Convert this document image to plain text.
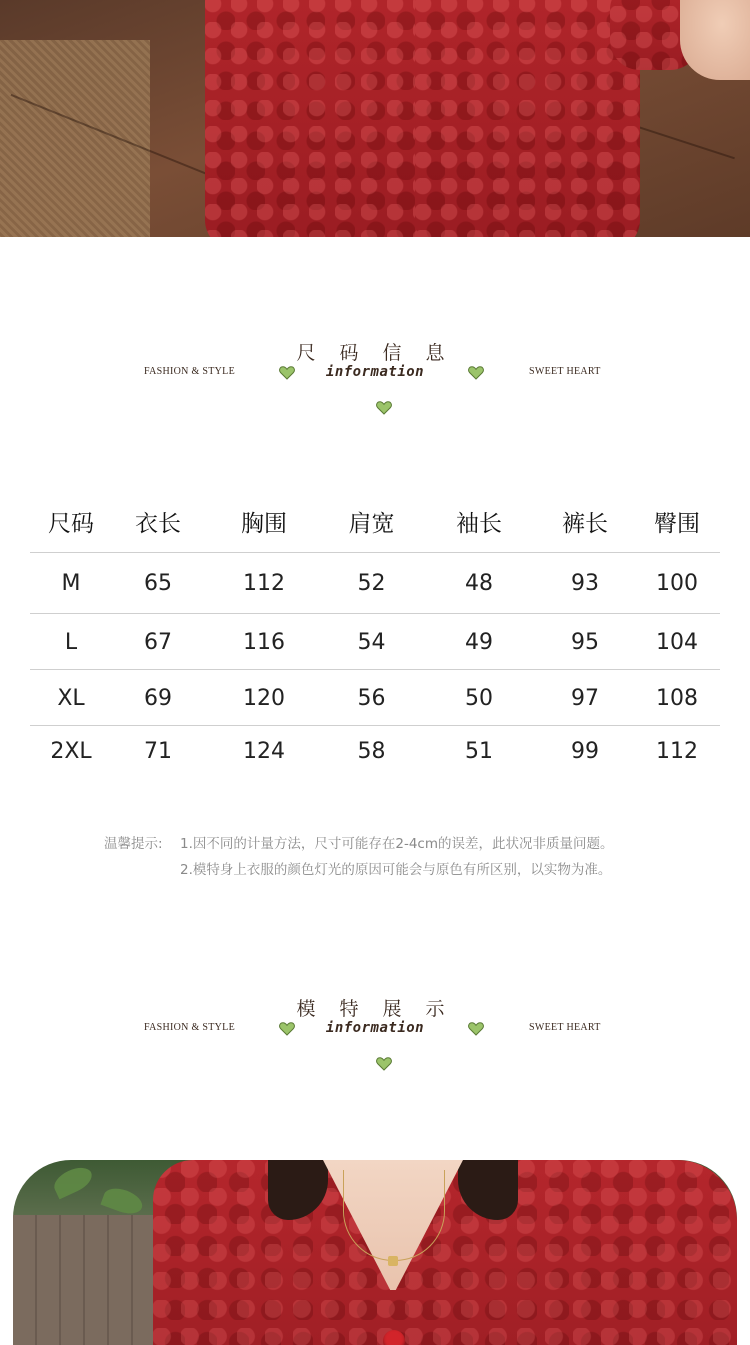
尺 码 信 息
FASHION & STYLE	information	SWEET HEART
尺码	衣长	胸围	肩宽	袖长	裤长	臀围
M	65	112	52	48	93	100
L	67	116	54	49	95	104
XL	69	120	56	50	97	108
2XL	71	124	58	51	99	112
温馨提示: 1.因不同的计量方法，尺寸可能存在2-4cm的误差，此状况非质量问题。
2.模特身上衣服的颜色灯光的原因可能会与原色有所区别，以实物为准。
模 特 展 示
FASHION & STYLE	information	SWEET HEART
